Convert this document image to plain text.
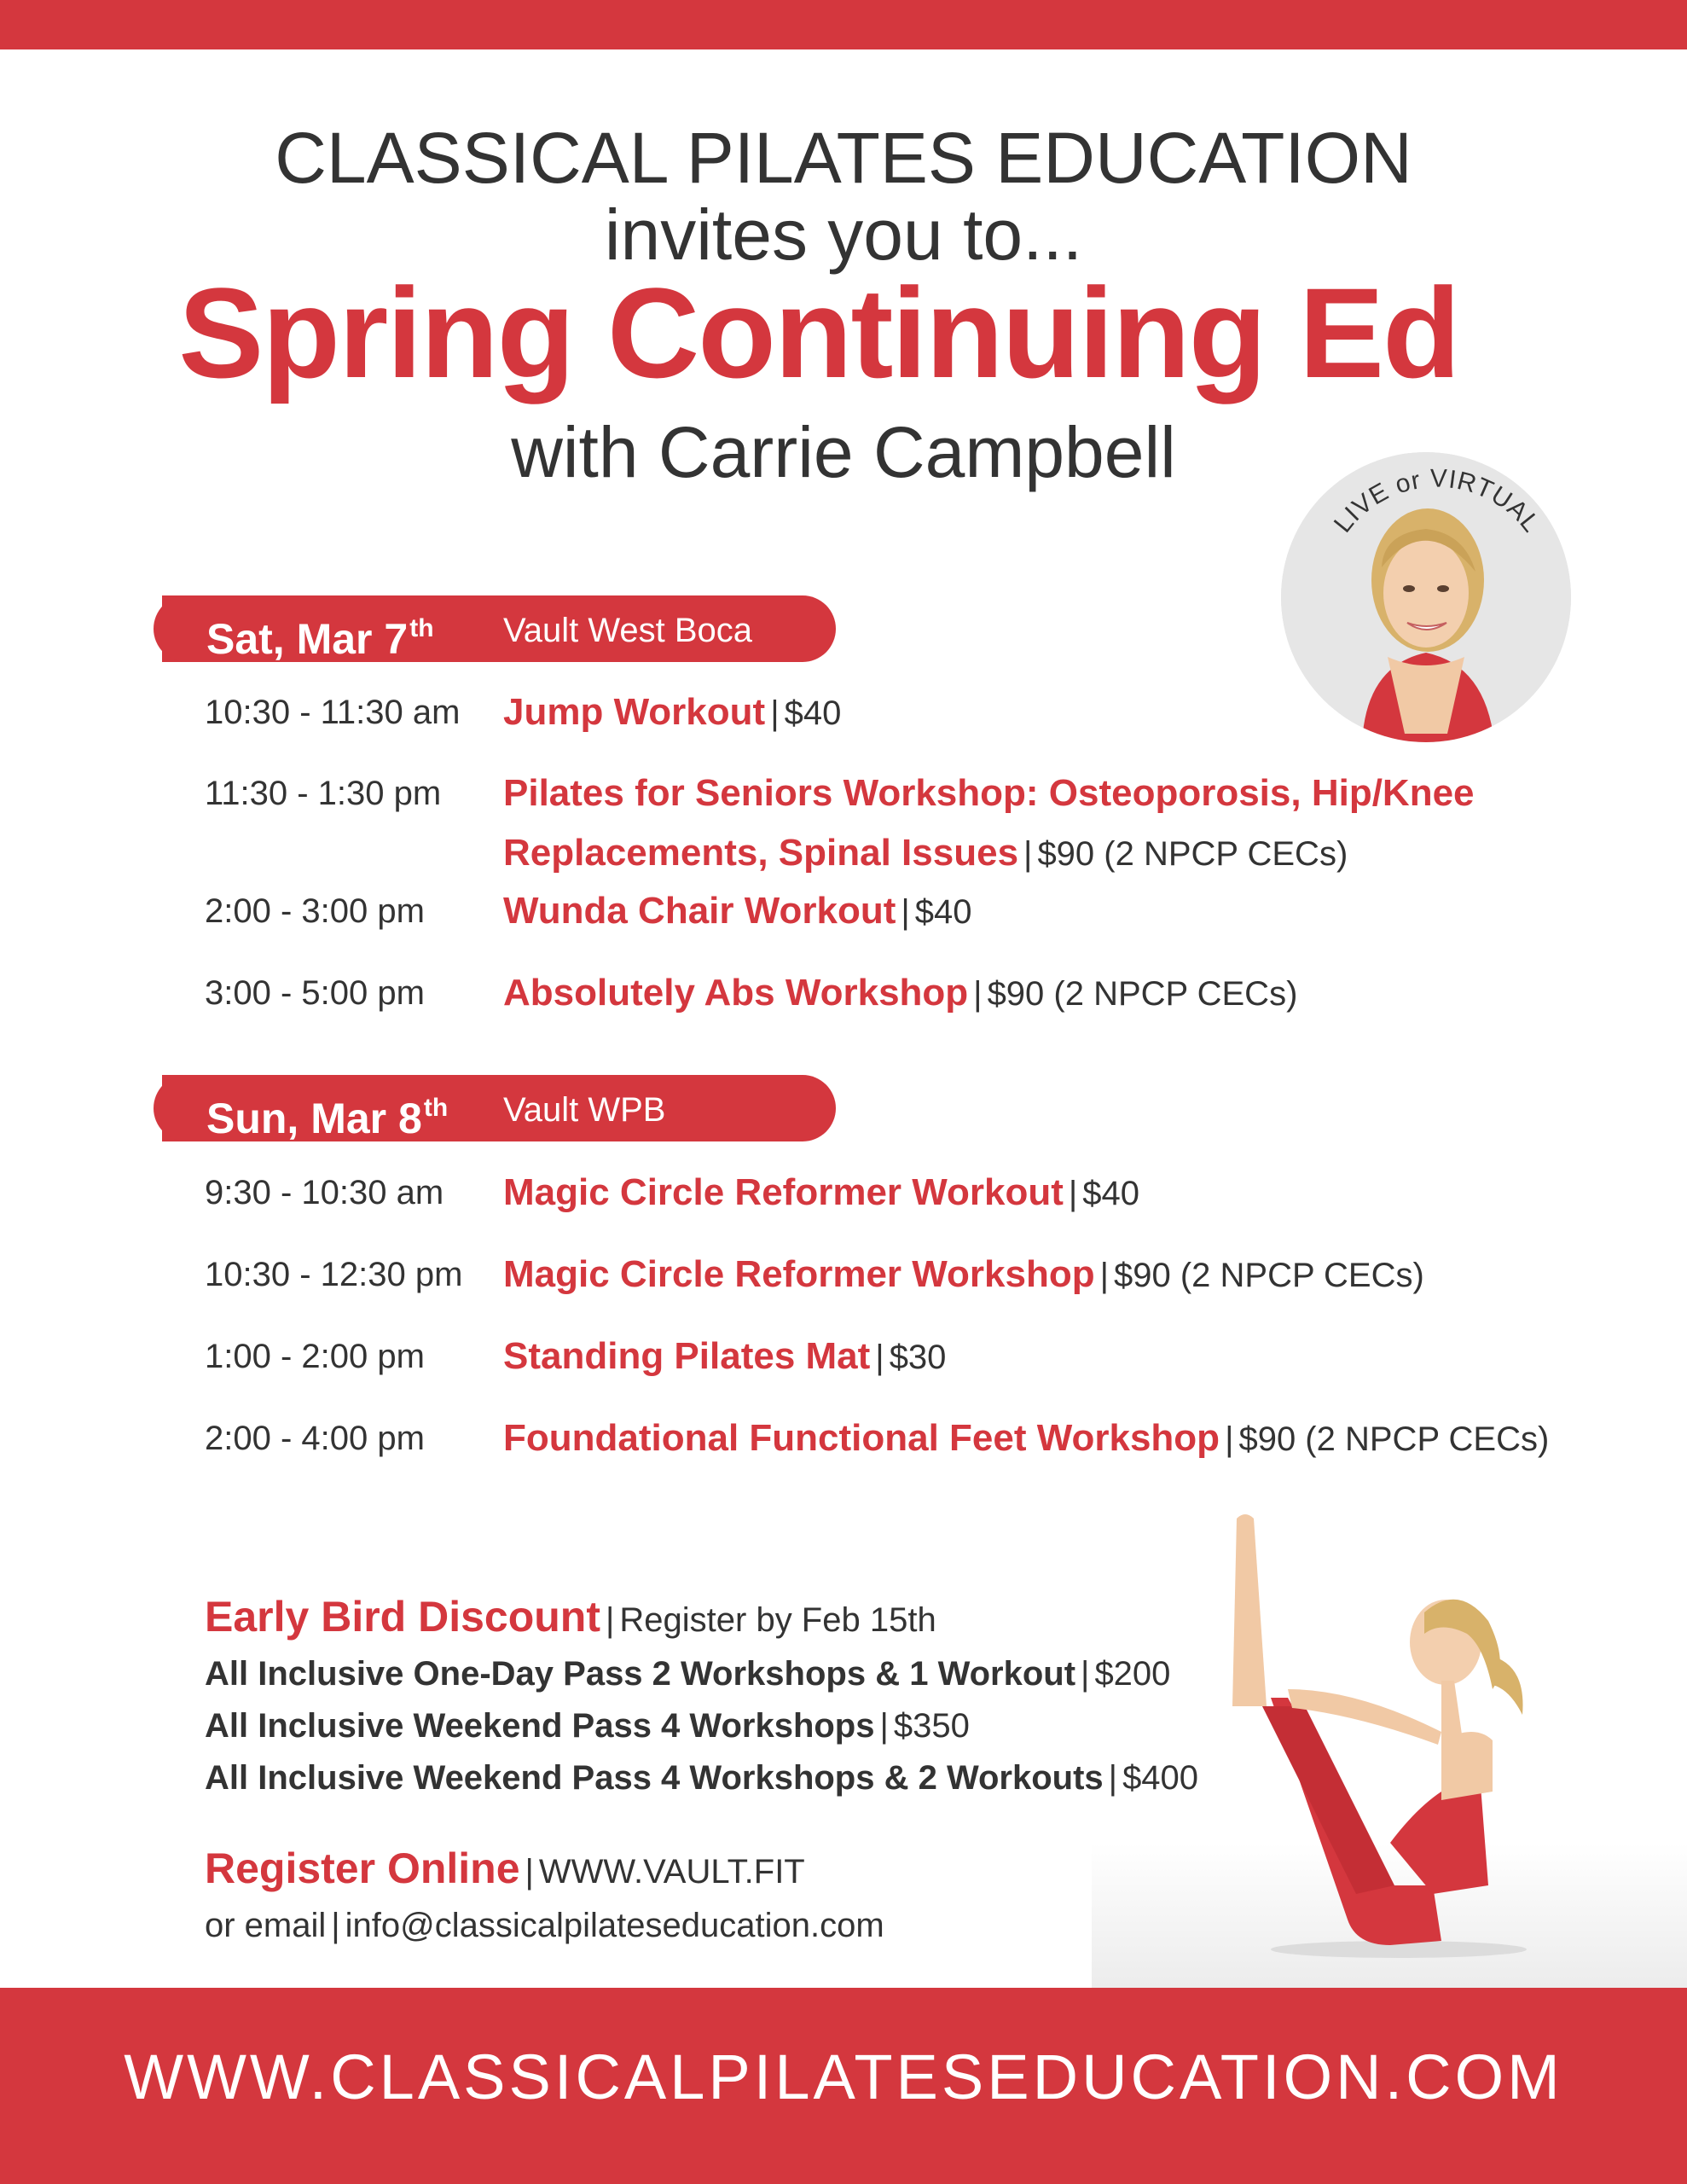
CLASSICAL PILATES EDUCATION
invites you to...
Spring Continuing Ed
with Carrie Campbell
LIVE or VIRTUAL
Sat, Mar 7th Vault West Boca
10:30 - 11:30 am Jump Workout | $40
11:30 - 1:30 pm Pilates for Seniors Workshop: Osteoporosis, Hip/Knee Replacements, Spinal Issues | $90 (2 NPCP CECs)
2:00 - 3:00 pm Wunda Chair Workout | $40
3:00 - 5:00 pm Absolutely Abs Workshop | $90 (2 NPCP CECs)
Sun, Mar 8th Vault WPB
9:30 - 10:30 am Magic Circle Reformer Workout | $40
10:30 - 12:30 pm Magic Circle Reformer Workshop | $90 (2 NPCP CECs)
1:00 - 2:00 pm Standing Pilates Mat | $30
2:00 - 4:00 pm Foundational Functional Feet Workshop | $90 (2 NPCP CECs)
Early Bird Discount | Register by Feb 15th
All Inclusive One-Day Pass 2 Workshops & 1 Workout | $200
All Inclusive Weekend Pass 4 Workshops | $350
All Inclusive Weekend Pass 4 Workshops & 2 Workouts | $400
Register Online | WWW.VAULT.FIT
or email | info@classicalpilateseducation.com
WWW.CLASSICALPILATESEDUCATION.COM
